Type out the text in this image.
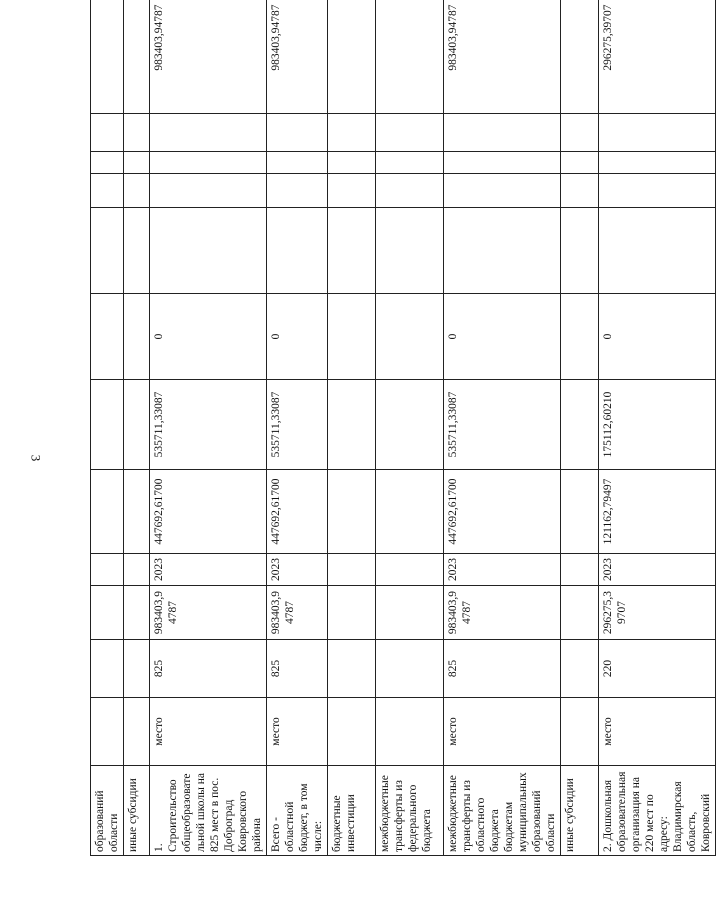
3
образований области												
иные субсидии												
1. Строительство общеобразовательной школы на 825 мест в пос. Доброград Ковровского района	место	825	983403,94787	2023	447692,61700	535711,33087	0					983403,94787
Всего - областной бюджет, в том числе:	место	825	983403,94787	2023	447692,61700	535711,33087	0					983403,94787
бюджетные инвестиции												
межбюджетные трансферты из федерального бюджета												
межбюджетные трансферты из областного бюджета бюджетам муниципальных образований области	место	825	983403,94787	2023	447692,61700	535711,33087	0					983403,94787
иные субсидии												
2. Дошкольная образовательная организация на 220 мест по адресу: Владимирская область, Ковровский	место	220	296275,39707	2023	121162,79497	175112,60210	0					296275,39707
